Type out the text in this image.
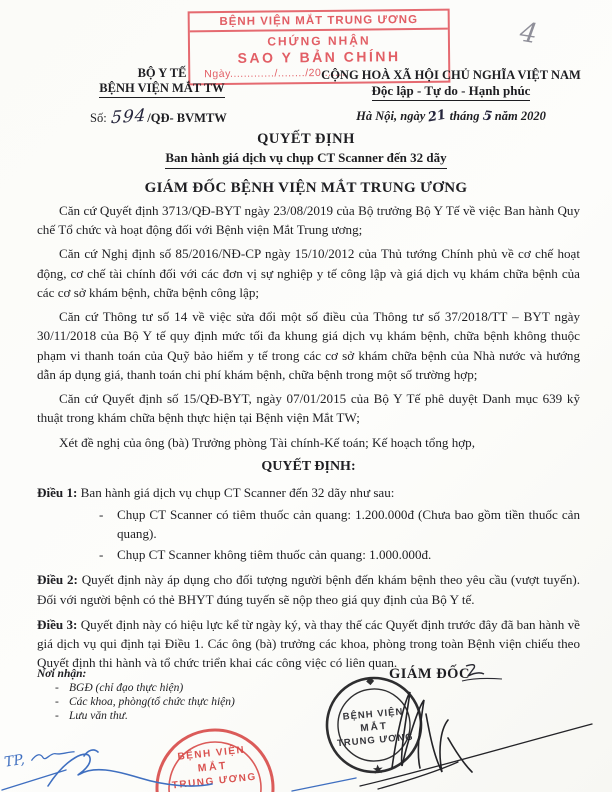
BỆNH VIỆN MẮT TRUNG ƯƠNG
CHỨNG NHẬN
SAO Y BẢN CHÍNH
Ngày............./......../20.......
4
BỘ Y TẾ
BỆNH VIỆN MẮT TW
Số: 594/QĐ- BVMTW
CỘNG HOÀ XÃ HỘI CHỦ NGHĨA VIỆT NAM
Độc lập - Tự do - Hạnh phúc
Hà Nội, ngày 21 tháng 5 năm 2020
QUYẾT ĐỊNH
Ban hành giá dịch vụ chụp CT Scanner đến 32 dãy
GIÁM ĐỐC BỆNH VIỆN MẮT TRUNG ƯƠNG

Căn cứ Quyết định 3713/QĐ-BYT ngày 23/08/2019 của Bộ trưởng Bộ Y Tế về việc Ban hành Quy chế Tổ chức và hoạt động đối với Bệnh viện Mắt Trung ương;

Căn cứ Nghị định số 85/2016/NĐ-CP ngày 15/10/2012 của Thủ tướng Chính phủ về cơ chế hoạt động, cơ chế tài chính đối với các đơn vị sự nghiệp y tế công lập và giá dịch vụ khám chữa bệnh của các cơ sở khám bệnh, chữa bệnh công lập;

Căn cứ Thông tư số 14 về việc sửa đổi một số điều của Thông tư số 37/2018/TT – BYT ngày 30/11/2018 của Bộ Y tế quy định mức tối đa khung giá dịch vụ khám bệnh, chữa bệnh không thuộc phạm vi thanh toán của Quỹ bảo hiểm y tế trong các cơ sở khám chữa bệnh của Nhà nước và hướng dẫn áp dụng giá, thanh toán chi phí khám bệnh, chữa bệnh trong một số trường hợp;

Căn cứ Quyết định số 15/QĐ-BYT, ngày 07/01/2015 của Bộ Y Tế phê duyệt Danh mục 639 kỹ thuật trong khám chữa bệnh thực hiện tại Bệnh viện Mắt TW;

Xét đề nghị của ông (bà) Trưởng phòng Tài chính-Kế toán; Kế hoạch tổng hợp,

QUYẾT ĐỊNH:
Điều 1: Ban hành giá dịch vụ chụp CT Scanner đến 32 dãy như sau:
- Chụp CT Scanner có tiêm thuốc cản quang: 1.200.000đ (Chưa bao gồm tiền thuốc cản quang).
- Chụp CT Scanner không tiêm thuốc cản quang: 1.000.000đ.
Điều 2: Quyết định này áp dụng cho đối tượng người bệnh đến khám bệnh theo yêu cầu (vượt tuyến). Đối với người bệnh có thẻ BHYT đúng tuyến sẽ nộp theo giá quy định của Bộ Y tế.
Điều 3: Quyết định này có hiệu lực kể từ ngày ký, và thay thế các Quyết định trước đây đã ban hành về giá dịch vụ qui định tại Điều 1. Các ông (bà) trưởng các khoa, phòng trong toàn Bệnh viện chiếu theo Quyết định thi hành và tổ chức triển khai các công việc có liên quan.
Nơi nhận:
- BGĐ (chỉ đạo thực hiện)
- Các khoa, phòng(tổ chức thực hiện)
- Lưu văn thư.
GIÁM ĐỐC
BỆNH VIỆN
MẮT
TRUNG ƯƠNG
BỆNH VIỆN
MẮT
TRUNG ƯƠNG
TP,
